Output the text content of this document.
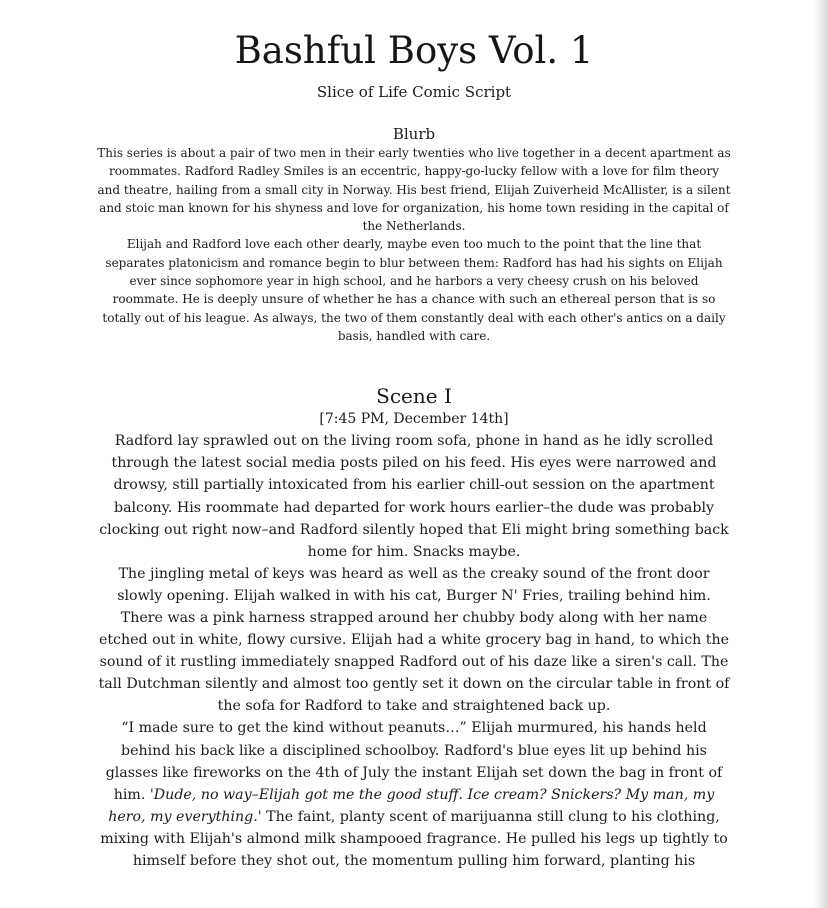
Bashful Boys Vol. 1
Slice of Life Comic Script
Blurb

This series is about a pair of two men in their early twenties who live together in a decent apartment as roommates. Radford Radley Smiles is an eccentric, happy-go-lucky fellow with a love for film theory and theatre, hailing from a small city in Norway. His best friend, Elijah Zuiverheid McAllister, is a silent and stoic man known for his shyness and love for organization, his home town residing in the capital of the Netherlands.

Elijah and Radford love each other dearly, maybe even too much to the point that the line that separates platonicism and romance begin to blur between them: Radford has had his sights on Elijah ever since sophomore year in high school, and he harbors a very cheesy crush on his beloved roommate. He is deeply unsure of whether he has a chance with such an ethereal person that is so totally out of his league. As always, the two of them constantly deal with each other's antics on a daily basis, handled with care.

Scene I
[7:45 PM, December 14th]

Radford lay sprawled out on the living room sofa, phone in hand as he idly scrolled through the latest social media posts piled on his feed. His eyes were narrowed and drowsy, still partially intoxicated from his earlier chill-out session on the apartment balcony. His roommate had departed for work hours earlier–the dude was probably clocking out right now–and Radford silently hoped that Eli might bring something back home for him. Snacks maybe.

The jingling metal of keys was heard as well as the creaky sound of the front door slowly opening. Elijah walked in with his cat, Burger N' Fries, trailing behind him. There was a pink harness strapped around her chubby body along with her name etched out in white, flowy cursive. Elijah had a white grocery bag in hand, to which the sound of it rustling immediately snapped Radford out of his daze like a siren's call. The tall Dutchman silently and almost too gently set it down on the circular table in front of the sofa for Radford to take and straightened back up.

“I made sure to get the kind without peanuts…” Elijah murmured, his hands held behind his back like a disciplined schoolboy. Radford's blue eyes lit up behind his glasses like fireworks on the 4th of July the instant Elijah set down the bag in front of him. 'Dude, no way–Elijah got me the good stuff. Ice cream? Snickers? My man, my hero, my everything.' The faint, planty scent of marijuanna still clung to his clothing, mixing with Elijah's almond milk shampooed fragrance. He pulled his legs up tightly to himself before they shot out, the momentum pulling him forward, planting his
